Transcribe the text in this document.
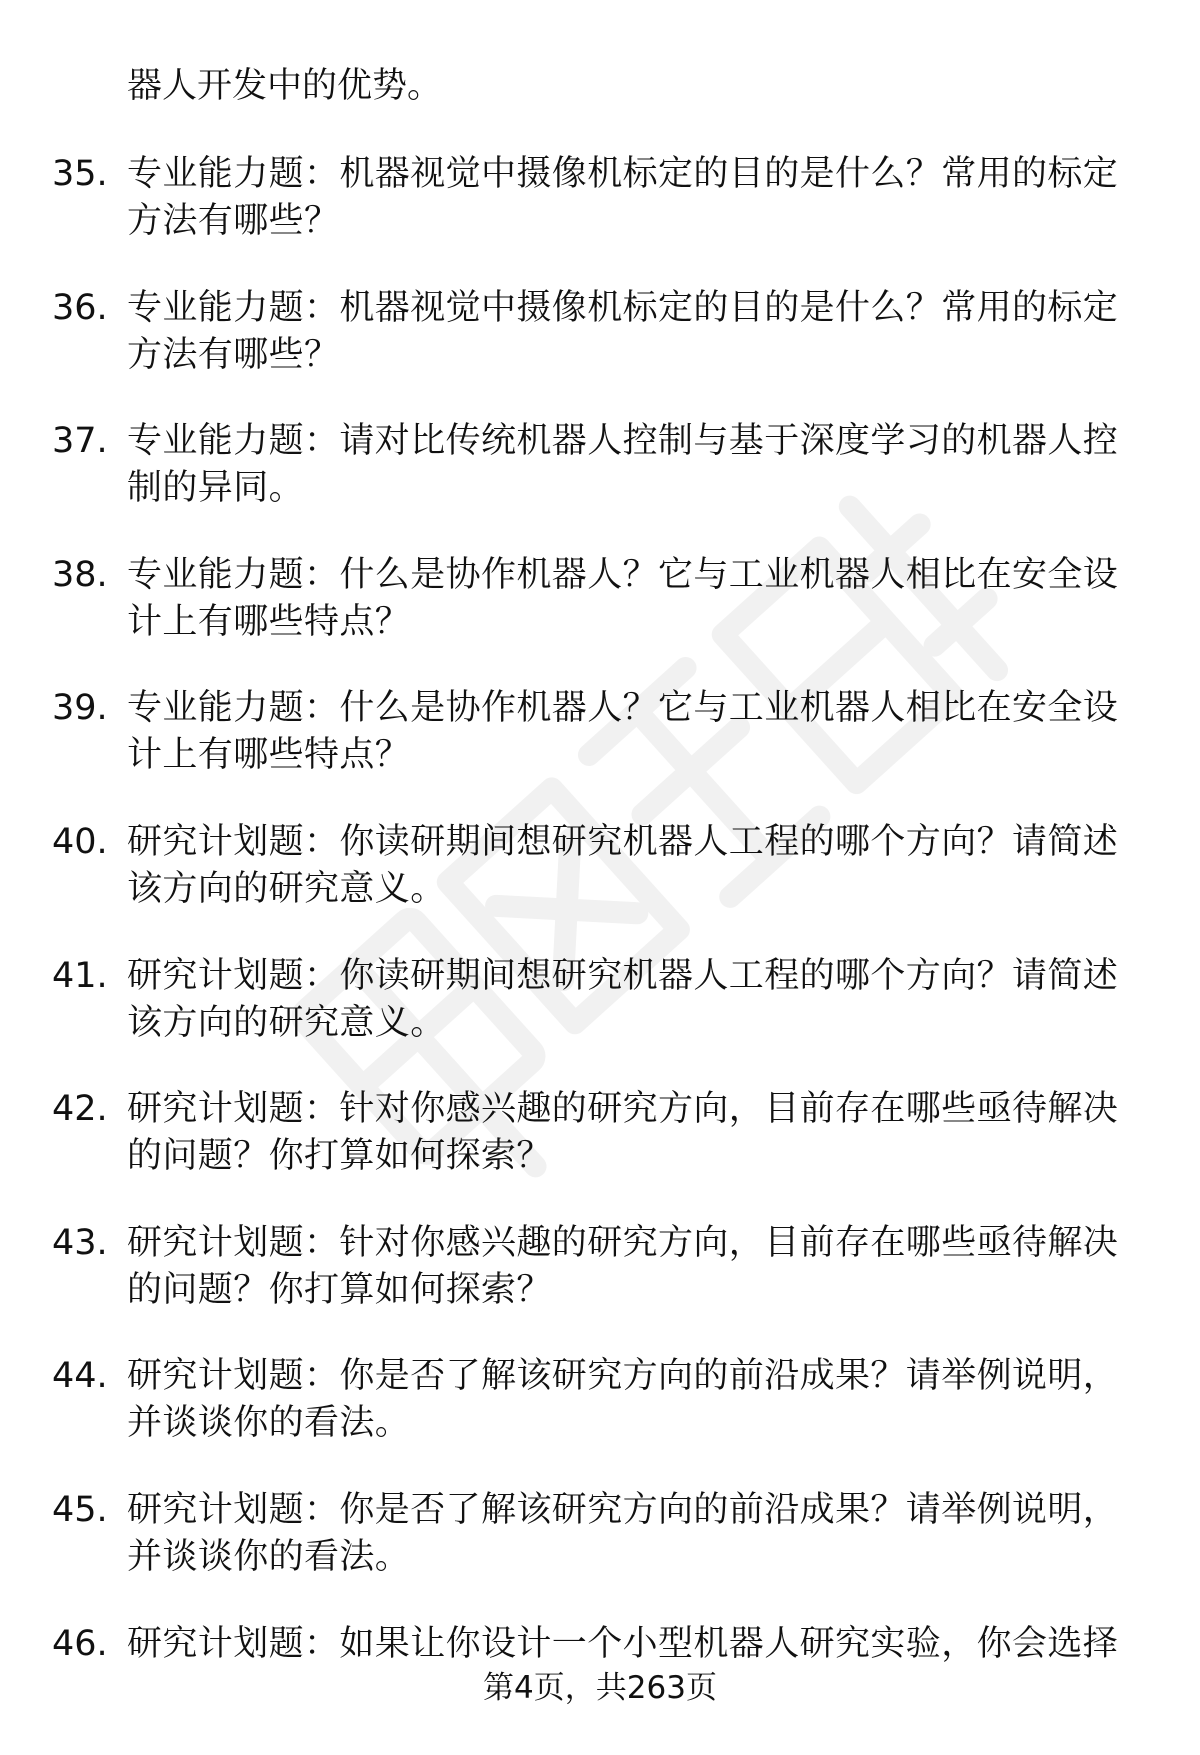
器人开发中的优势。
35. 专业能力题：机器视觉中摄像机标定的目的是什么？常用的标定方法有哪些？
36. 专业能力题：机器视觉中摄像机标定的目的是什么？常用的标定方法有哪些？
37. 专业能力题：请对比传统机器人控制与基于深度学习的机器人控制的异同。
38. 专业能力题：什么是协作机器人？它与工业机器人相比在安全设计上有哪些特点？
39. 专业能力题：什么是协作机器人？它与工业机器人相比在安全设计上有哪些特点？
40. 研究计划题：你读研期间想研究机器人工程的哪个方向？请简述该方向的研究意义。
41. 研究计划题：你读研期间想研究机器人工程的哪个方向？请简述该方向的研究意义。
42. 研究计划题：针对你感兴趣的研究方向，目前存在哪些亟待解决的问题？你打算如何探索？
43. 研究计划题：针对你感兴趣的研究方向，目前存在哪些亟待解决的问题？你打算如何探索？
44. 研究计划题：你是否了解该研究方向的前沿成果？请举例说明，并谈谈你的看法。
45. 研究计划题：你是否了解该研究方向的前沿成果？请举例说明，并谈谈你的看法。
46. 研究计划题：如果让你设计一个小型机器人研究实验，你会选择
第4页，共263页
